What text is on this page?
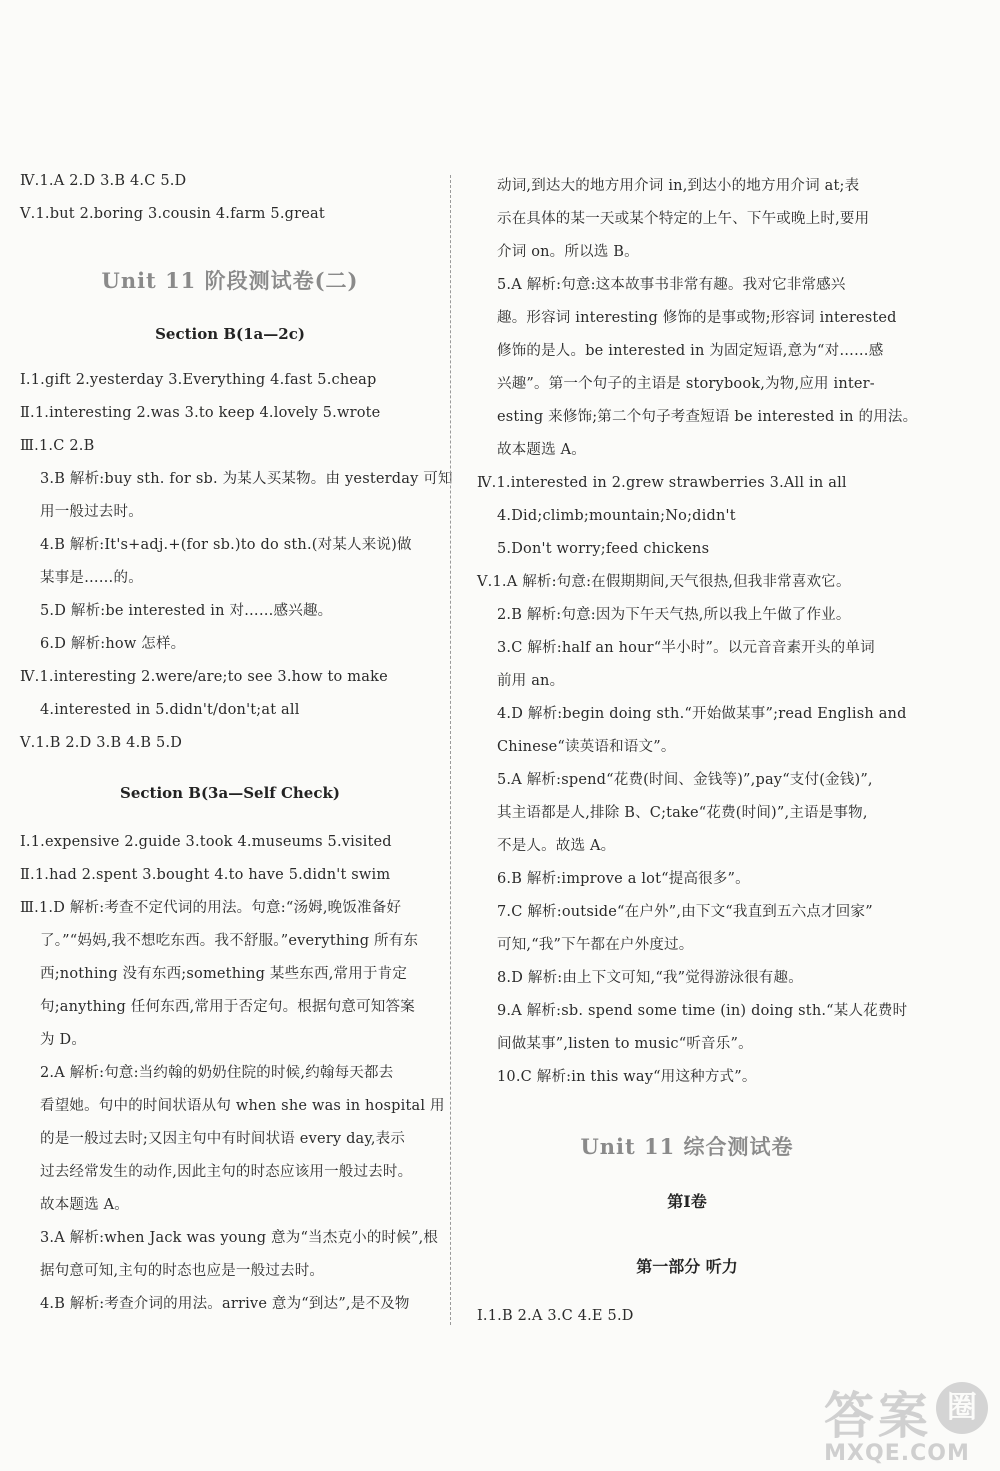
Ⅳ.1.A 2.D 3.B 4.C 5.D
Ⅴ.1.but 2.boring 3.cousin 4.farm 5.great
Unit 11 阶段测试卷(二)
Section B(1a—2c)
Ⅰ.1.gift 2.yesterday 3.Everything 4.fast 5.cheap
Ⅱ.1.interesting 2.was 3.to keep 4.lovely 5.wrote
Ⅲ.1.C 2.B
3.B 解析:buy sth. for sb. 为某人买某物。由 yesterday 可知
用一般过去时。
4.B 解析:It's+adj.+(for sb.)to do sth.(对某人来说)做
某事是……的。
5.D 解析:be interested in 对……感兴趣。
6.D 解析:how 怎样。
Ⅳ.1.interesting 2.were/are;to see 3.how to make
4.interested in 5.didn't/don't;at all
Ⅴ.1.B 2.D 3.B 4.B 5.D
Section B(3a—Self Check)
Ⅰ.1.expensive 2.guide 3.took 4.museums 5.visited
Ⅱ.1.had 2.spent 3.bought 4.to have 5.didn't swim
Ⅲ.1.D 解析:考查不定代词的用法。句意:“汤姆,晚饭准备好
了。”“妈妈,我不想吃东西。我不舒服。”everything 所有东
西;nothing 没有东西;something 某些东西,常用于肯定
句;anything 任何东西,常用于否定句。根据句意可知答案
为 D。
2.A 解析:句意:当约翰的奶奶住院的时候,约翰每天都去
看望她。句中的时间状语从句 when she was in hospital 用
的是一般过去时;又因主句中有时间状语 every day,表示
过去经常发生的动作,因此主句的时态应该用一般过去时。
故本题选 A。
3.A 解析:when Jack was young 意为“当杰克小的时候”,根
据句意可知,主句的时态也应是一般过去时。
4.B 解析:考查介词的用法。arrive 意为“到达”,是不及物
动词,到达大的地方用介词 in,到达小的地方用介词 at;表
示在具体的某一天或某个特定的上午、下午或晚上时,要用
介词 on。所以选 B。
5.A 解析:句意:这本故事书非常有趣。我对它非常感兴
趣。形容词 interesting 修饰的是事或物;形容词 interested
修饰的是人。be interested in 为固定短语,意为“对……感
兴趣”。第一个句子的主语是 storybook,为物,应用 inter-
esting 来修饰;第二个句子考查短语 be interested in 的用法。
故本题选 A。
Ⅳ.1.interested in 2.grew strawberries 3.All in all
4.Did;climb;mountain;No;didn't
5.Don't worry;feed chickens
Ⅴ.1.A 解析:句意:在假期期间,天气很热,但我非常喜欢它。
2.B 解析:句意:因为下午天气热,所以我上午做了作业。
3.C 解析:half an hour“半小时”。以元音音素开头的单词
前用 an。
4.D 解析:begin doing sth.“开始做某事”;read English and
Chinese“读英语和语文”。
5.A 解析:spend“花费(时间、金钱等)”,pay“支付(金钱)”,
其主语都是人,排除 B、C;take“花费(时间)”,主语是事物,
不是人。故选 A。
6.B 解析:improve a lot“提高很多”。
7.C 解析:outside“在户外”,由下文“我直到五六点才回家”
可知,“我”下午都在户外度过。
8.D 解析:由上下文可知,“我”觉得游泳很有趣。
9.A 解析:sb. spend some time (in) doing sth.“某人花费时
间做某事”,listen to music“听音乐”。
10.C 解析:in this way“用这种方式”。
Unit 11 综合测试卷
第Ⅰ卷
第一部分 听力
Ⅰ.1.B 2.A 3.C 4.E 5.D
答案 圈
MXQE.COM
